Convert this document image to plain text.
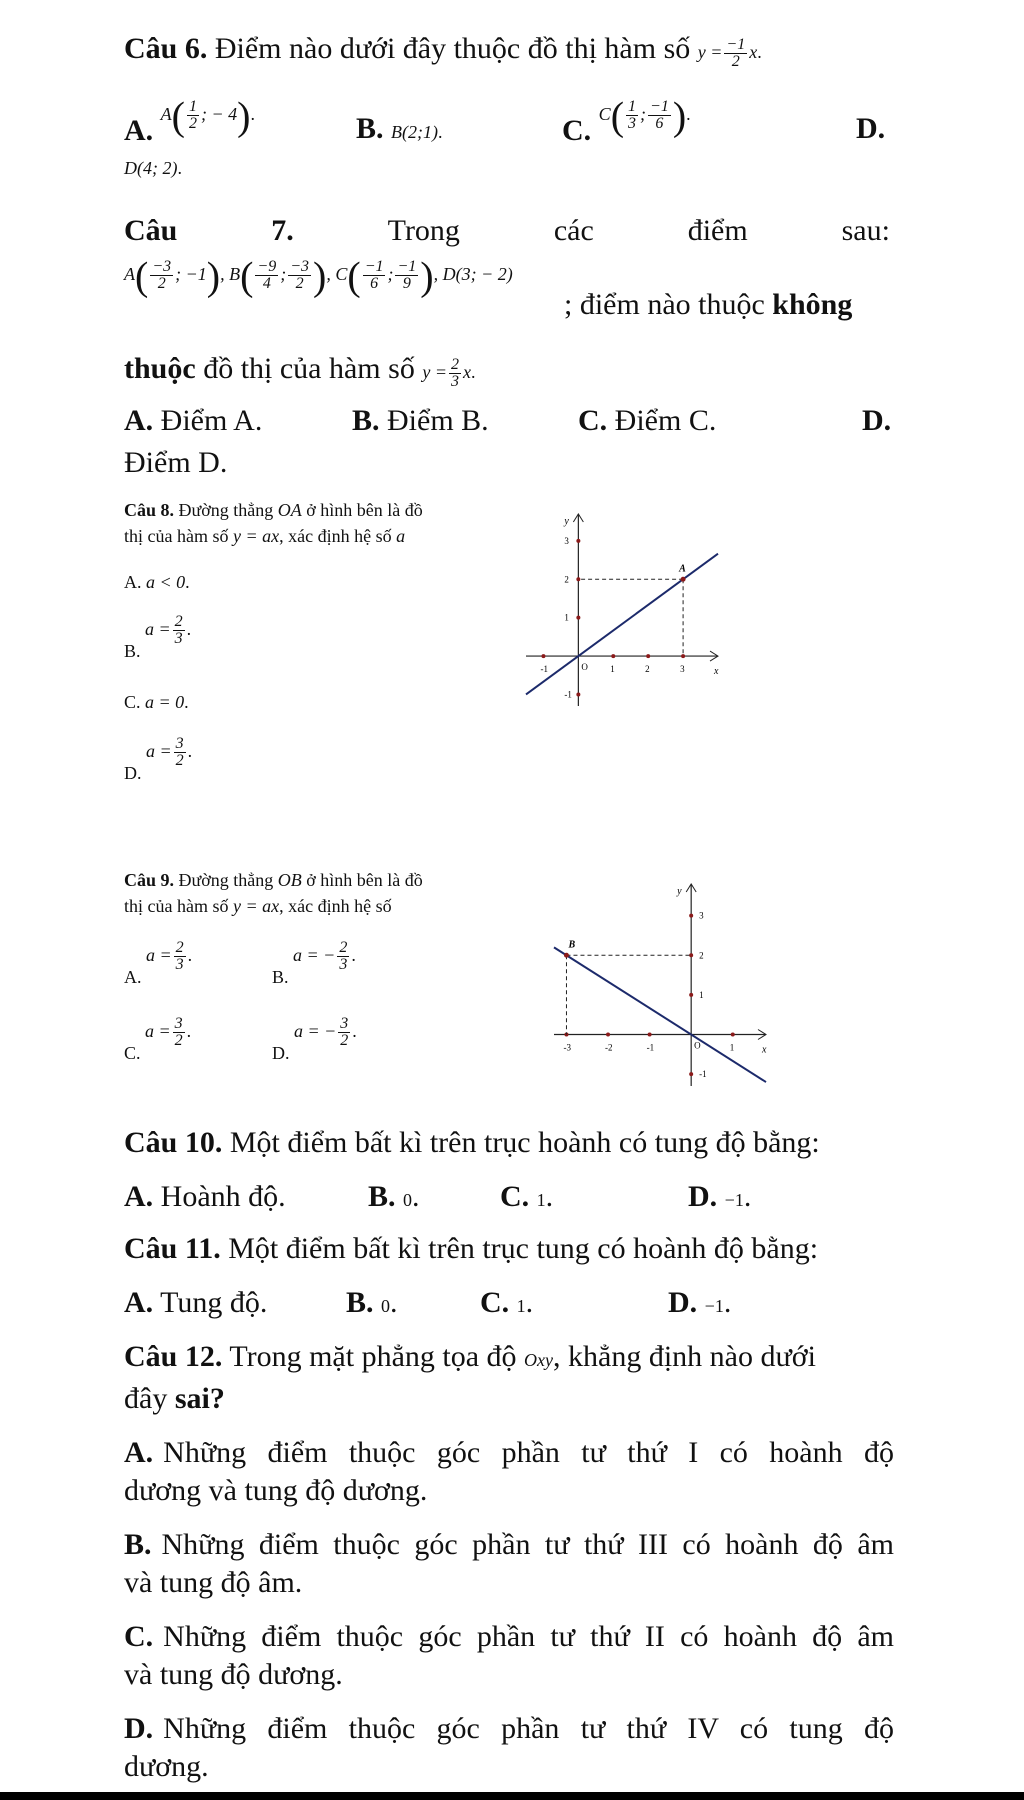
Câu 6. Điểm nào dưới đây thuộc đồ thị hàm số $y = \frac{-1}{2} x$.
A. $A( \frac{1}{2}$ ; − 4).	B. B(2;1).	C. $C( \frac{1}{3}$ ; $\frac{-1}{6}$ ).	D.
D(4; 2).
Câu	7.	Trong	các	điểm	sau:
$A( \frac{-3}{2}$ ; −1), $B( \frac{-9}{4}$ ; $\frac{-3}{2}$ ), $C( \frac{-1}{6}$ ; $\frac{-1}{9}$ ), D(3; − 2)
; điểm nào thuộc không
thuộc đồ thị của hàm số $y = \frac{2}{3} x$.
A. Điểm A.	B. Điểm B.	C. Điểm C.	D.
Điểm D.
Câu 8. Đường thẳng OA ở hình bên là đồ
thị của hàm số y = ax, xác định hệ số a
A. a < 0.
B. $a = \frac{2}{3}$ .
C. a = 0.
D. $a = \frac{3}{2}$ .
x
y
O
-1	1	2	3
3
2
1
-1
A
Câu 9. Đường thẳng OB ở hình bên là đồ
thị của hàm số y = ax, xác định hệ số
A. $a = \frac{2}{3}$ .
B. a = − $\frac{2}{3}$ .
C. $a = \frac{3}{2}$ .
D. a = − $\frac{3}{2}$ .
x
y
O
-3	-2	-1	1
3
2
1
-1
B
Câu 10. Một điểm bất kì trên trục hoành có tung độ bằng:
A. Hoành độ.	B. 0.	C. 1.	D. −1.
Câu 11. Một điểm bất kì trên trục tung có hoành độ bằng:
A. Tung độ.	B. 0.	C. 1.	D. −1.
Câu 12. Trong mặt phẳng tọa độ Oxy, khẳng định nào dưới
đây sai?
A. Những điểm thuộc góc phần tư thứ I có hoành độ
dương và tung độ dương.
B. Những điểm thuộc góc phần tư thứ III có hoành độ âm
và tung độ âm.
C. Những điểm thuộc góc phần tư thứ II có hoành độ âm
và tung độ dương.
D. Những điểm thuộc góc phần tư thứ IV có tung độ
dương.
